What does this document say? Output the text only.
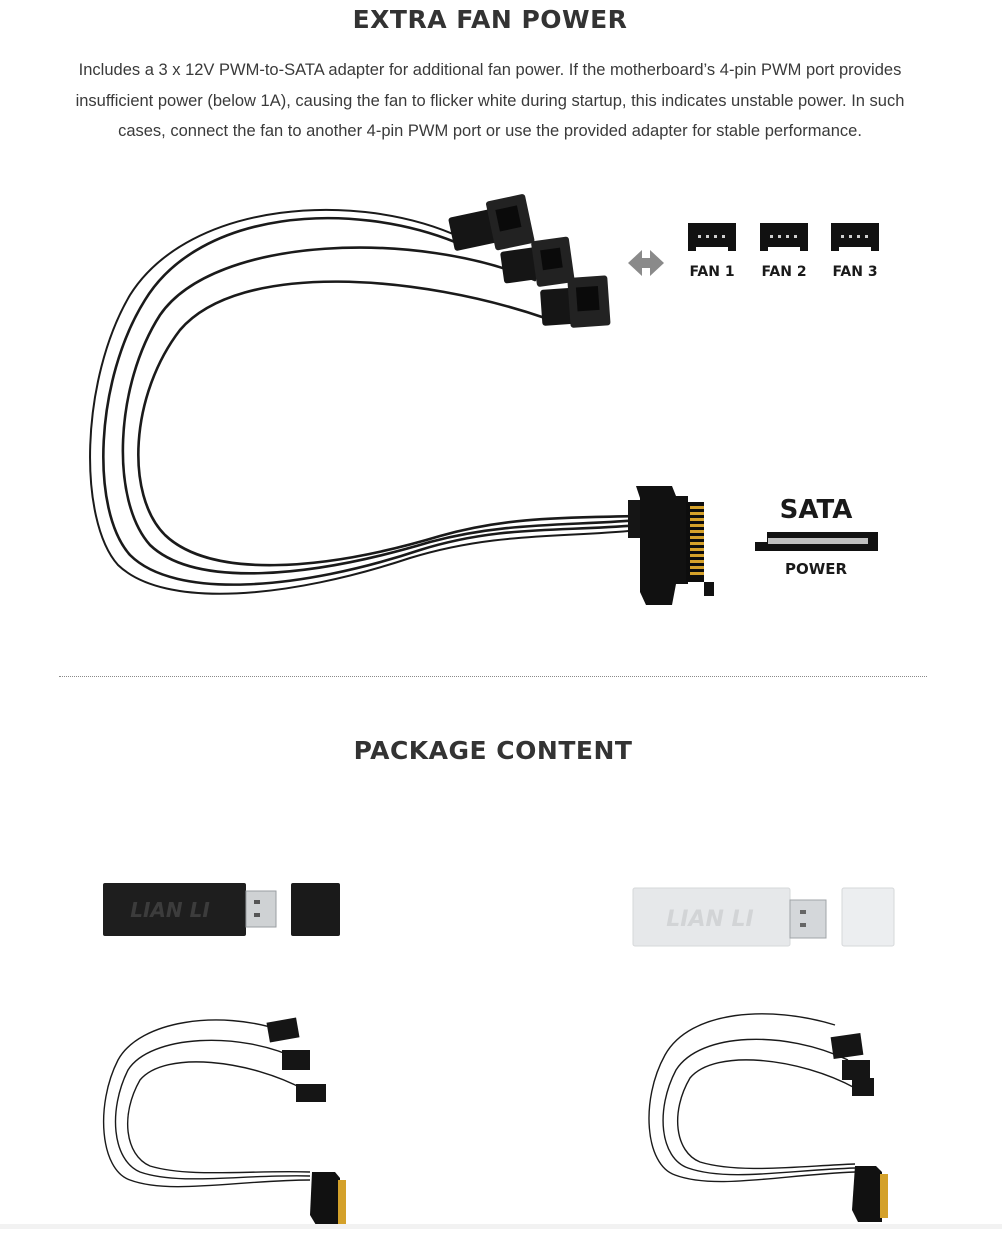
EXTRA FAN POWER

Includes a 3 x 12V PWM-to-SATA adapter for additional fan power. If the motherboard’s 4-pin PWM port provides insufficient power (below 1A), causing the fan to flicker white during startup, this indicates unstable power. In such cases, connect the fan to another 4-pin PWM port or use the provided adapter for stable performance.

FAN 1 FAN 2 FAN 3
SATA
POWER
PACKAGE CONTENT
LIAN LI	LIAN LI
